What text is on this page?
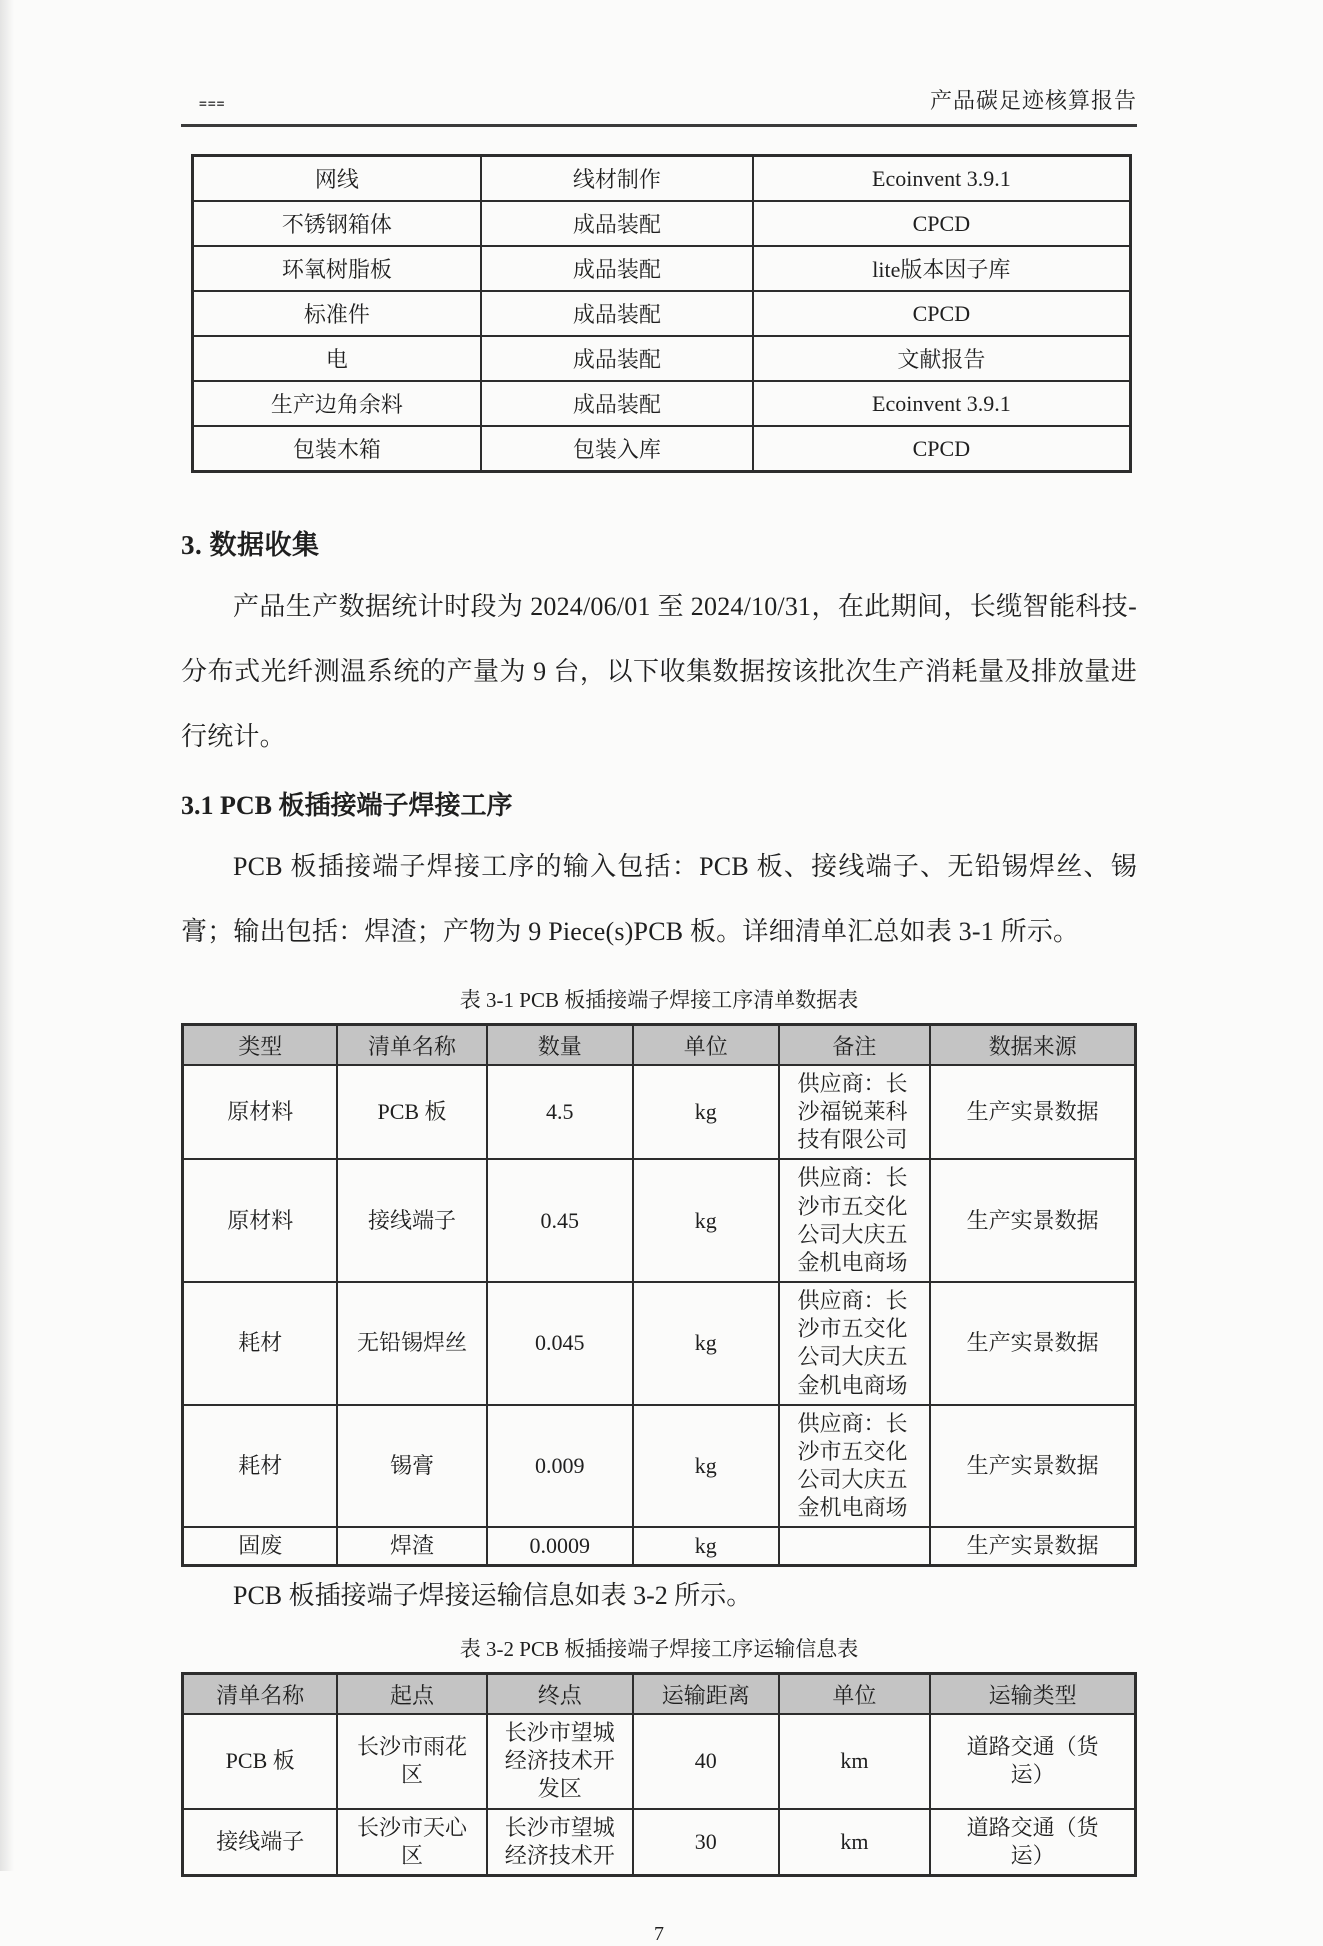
===	产品碳足迹核算报告
网线	线材制作	Ecoinvent 3.9.1
不锈钢箱体	成品装配	CPCD
环氧树脂板	成品装配	lite版本因子库
标准件	成品装配	CPCD
电	成品装配	文献报告
生产边角余料	成品装配	Ecoinvent 3.9.1
包装木箱	包装入库	CPCD
3. 数据收集

产品生产数据统计时段为 2024/06/01 至 2024/10/31，在此期间，长缆智能科技-分布式光纤测温系统的产量为 9 台，以下收集数据按该批次生产消耗量及排放量进行统计。

3.1 PCB 板插接端子焊接工序

PCB 板插接端子焊接工序的输入包括：PCB 板、接线端子、无铅锡焊丝、锡膏；输出包括：焊渣；产物为 9 Piece(s)PCB 板。详细清单汇总如表 3-1 所示。

表 3-1 PCB 板插接端子焊接工序清单数据表
类型	清单名称	数量	单位	备注	数据来源
原材料	PCB 板	4.5	kg	供应商：长沙福锐莱科技有限公司	生产实景数据
原材料	接线端子	0.45	kg	供应商：长沙市五交化公司大庆五金机电商场	生产实景数据
耗材	无铅锡焊丝	0.045	kg	供应商：长沙市五交化公司大庆五金机电商场	生产实景数据
耗材	锡膏	0.009	kg	供应商：长沙市五交化公司大庆五金机电商场	生产实景数据
固废	焊渣	0.0009	kg		生产实景数据

PCB 板插接端子焊接运输信息如表 3-2 所示。

表 3-2 PCB 板插接端子焊接工序运输信息表
清单名称	起点	终点	运输距离	单位	运输类型
PCB 板	长沙市雨花区	长沙市望城经济技术开发区	40	km	道路交通（货运）
接线端子	长沙市天心区	长沙市望城经济技术开	30	km	道路交通（货运）
7
